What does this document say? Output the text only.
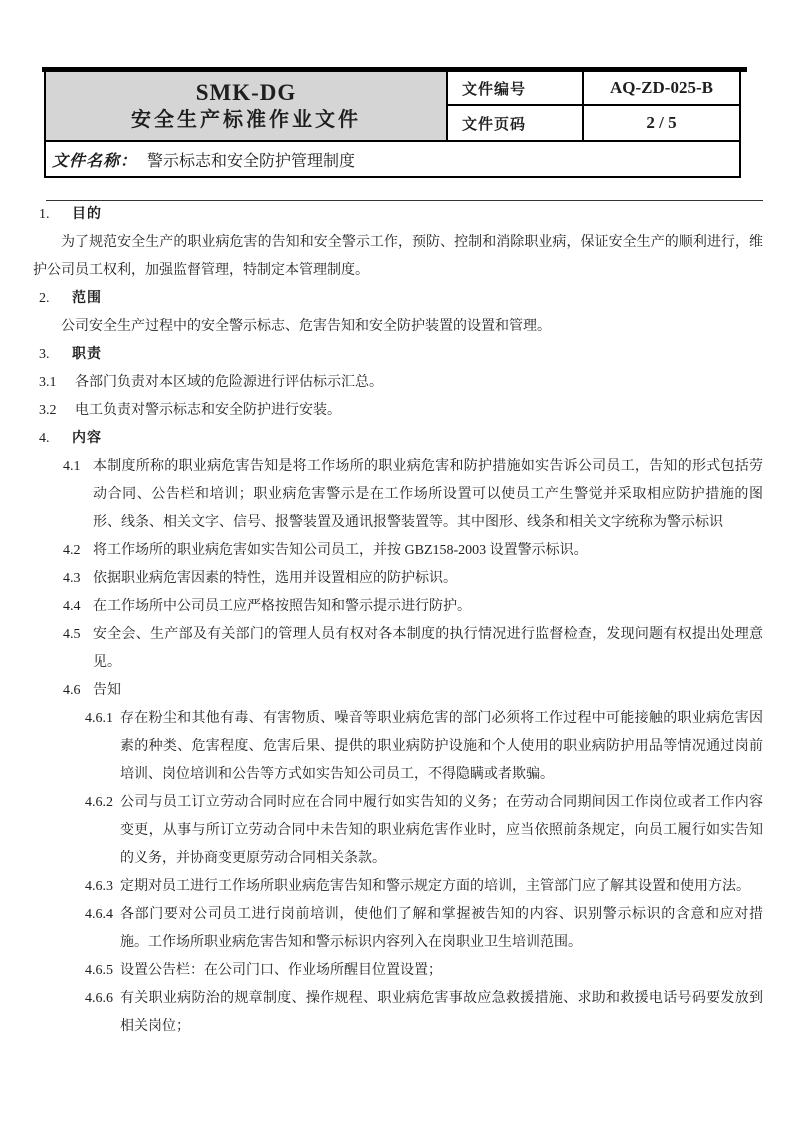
SMK-DG
安全生产标准作业文件
文件编号	AQ-ZD-025-B
文件页码	2 / 5
文件名称： 警示标志和安全防护管理制度
1.	目的

为了规范安全生产的职业病危害的告知和安全警示工作，预防、控制和消除职业病，保证安全生产的顺利进行，维护公司员工权利，加强监督管理，特制定本管理制度。

2.	范围

公司安全生产过程中的安全警示标志、危害告知和安全防护装置的设置和管理。

3.	职责
3.1	各部门负责对本区域的危险源进行评估标示汇总。
3.2	电工负责对警示标志和安全防护进行安装。
4.	内容
4.1 本制度所称的职业病危害告知是将工作场所的职业病危害和防护措施如实告诉公司员工，告知的形式包括劳动合同、公告栏和培训；职业病危害警示是在工作场所设置可以使员工产生警觉并采取相应防护措施的图形、线条、相关文字、信号、报警装置及通讯报警装置等。其中图形、线条和相关文字统称为警示标识
4.2 将工作场所的职业病危害如实告知公司员工，并按 GBZ158-2003 设置警示标识。
4.3 依据职业病危害因素的特性，选用并设置相应的防护标识。
4.4 在工作场所中公司员工应严格按照告知和警示提示进行防护。
4.5 安全会、生产部及有关部门的管理人员有权对各本制度的执行情况进行监督检查，发现问题有权提出处理意见。
4.6 告知
4.6.1 存在粉尘和其他有毒、有害物质、噪音等职业病危害的部门必须将工作过程中可能接触的职业病危害因素的种类、危害程度、危害后果、提供的职业病防护设施和个人使用的职业病防护用品等情况通过岗前培训、岗位培训和公告等方式如实告知公司员工，不得隐瞒或者欺骗。
4.6.2 公司与员工订立劳动合同时应在合同中履行如实告知的义务；在劳动合同期间因工作岗位或者工作内容变更，从事与所订立劳动合同中未告知的职业病危害作业时，应当依照前条规定，向员工履行如实告知的义务，并协商变更原劳动合同相关条款。
4.6.3 定期对员工进行工作场所职业病危害告知和警示规定方面的培训，主管部门应了解其设置和使用方法。
4.6.4 各部门要对公司员工进行岗前培训，使他们了解和掌握被告知的内容、识别警示标识的含意和应对措施。工作场所职业病危害告知和警示标识内容列入在岗职业卫生培训范围。
4.6.5 设置公告栏：在公司门口、作业场所醒目位置设置；
4.6.6 有关职业病防治的规章制度、操作规程、职业病危害事故应急救援措施、求助和救援电话号码要发放到相关岗位；
